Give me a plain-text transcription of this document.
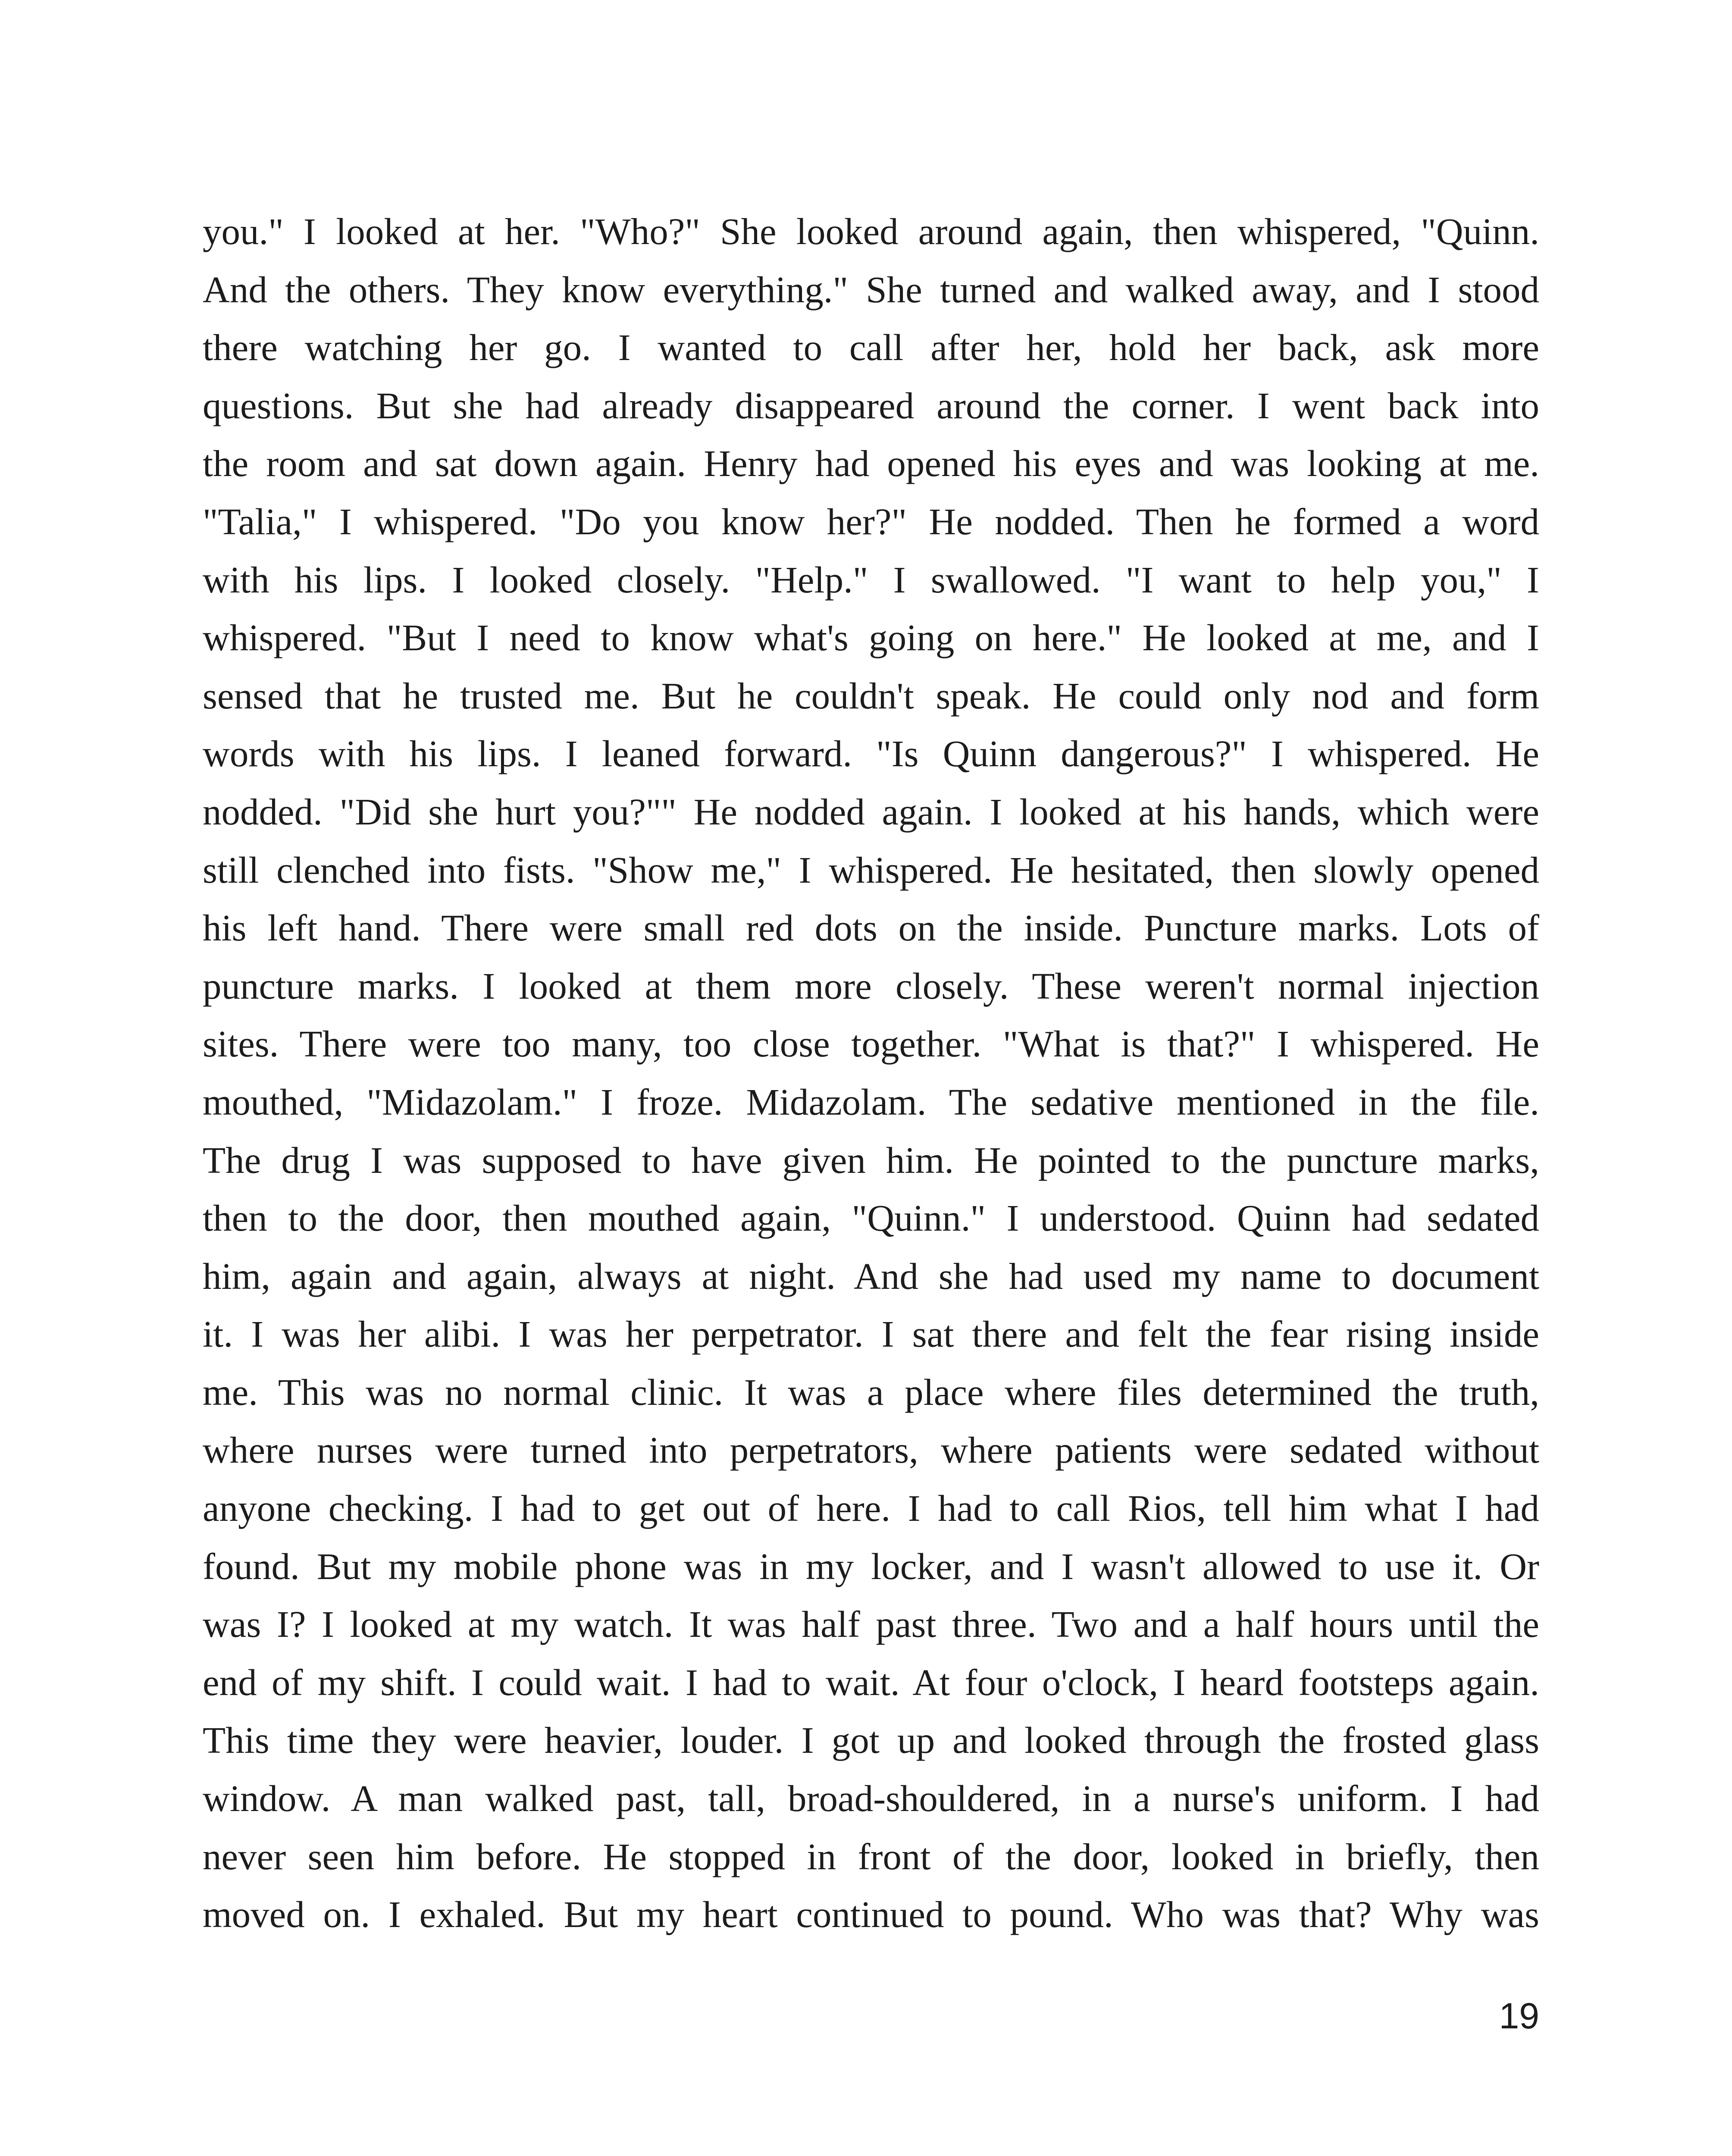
you." I looked at her. "Who?" She looked around again, then whispered, "Quinn.
And the others. They know everything." She turned and walked away, and I stood
there watching her go. I wanted to call after her, hold her back, ask more
questions. But she had already disappeared around the corner. I went back into
the room and sat down again. Henry had opened his eyes and was looking at me.
"Talia," I whispered. "Do you know her?" He nodded. Then he formed a word
with his lips. I looked closely. "Help." I swallowed. "I want to help you," I
whispered. "But I need to know what's going on here." He looked at me, and I
sensed that he trusted me. But he couldn't speak. He could only nod and form
words with his lips. I leaned forward. "Is Quinn dangerous?" I whispered. He
nodded. "Did she hurt you?"" He nodded again. I looked at his hands, which were
still clenched into fists. "Show me," I whispered. He hesitated, then slowly opened
his left hand. There were small red dots on the inside. Puncture marks. Lots of
puncture marks. I looked at them more closely. These weren't normal injection
sites. There were too many, too close together. "What is that?" I whispered. He
mouthed, "Midazolam." I froze. Midazolam. The sedative mentioned in the file.
The drug I was supposed to have given him. He pointed to the puncture marks,
then to the door, then mouthed again, "Quinn." I understood. Quinn had sedated
him, again and again, always at night. And she had used my name to document
it. I was her alibi. I was her perpetrator. I sat there and felt the fear rising inside
me. This was no normal clinic. It was a place where files determined the truth,
where nurses were turned into perpetrators, where patients were sedated without
anyone checking. I had to get out of here. I had to call Rios, tell him what I had
found. But my mobile phone was in my locker, and I wasn't allowed to use it. Or
was I? I looked at my watch. It was half past three. Two and a half hours until the
end of my shift. I could wait. I had to wait. At four o'clock, I heard footsteps again.
This time they were heavier, louder. I got up and looked through the frosted glass
window. A man walked past, tall, broad-shouldered, in a nurse's uniform. I had
never seen him before. He stopped in front of the door, looked in briefly, then
moved on. I exhaled. But my heart continued to pound. Who was that? Why was
19
